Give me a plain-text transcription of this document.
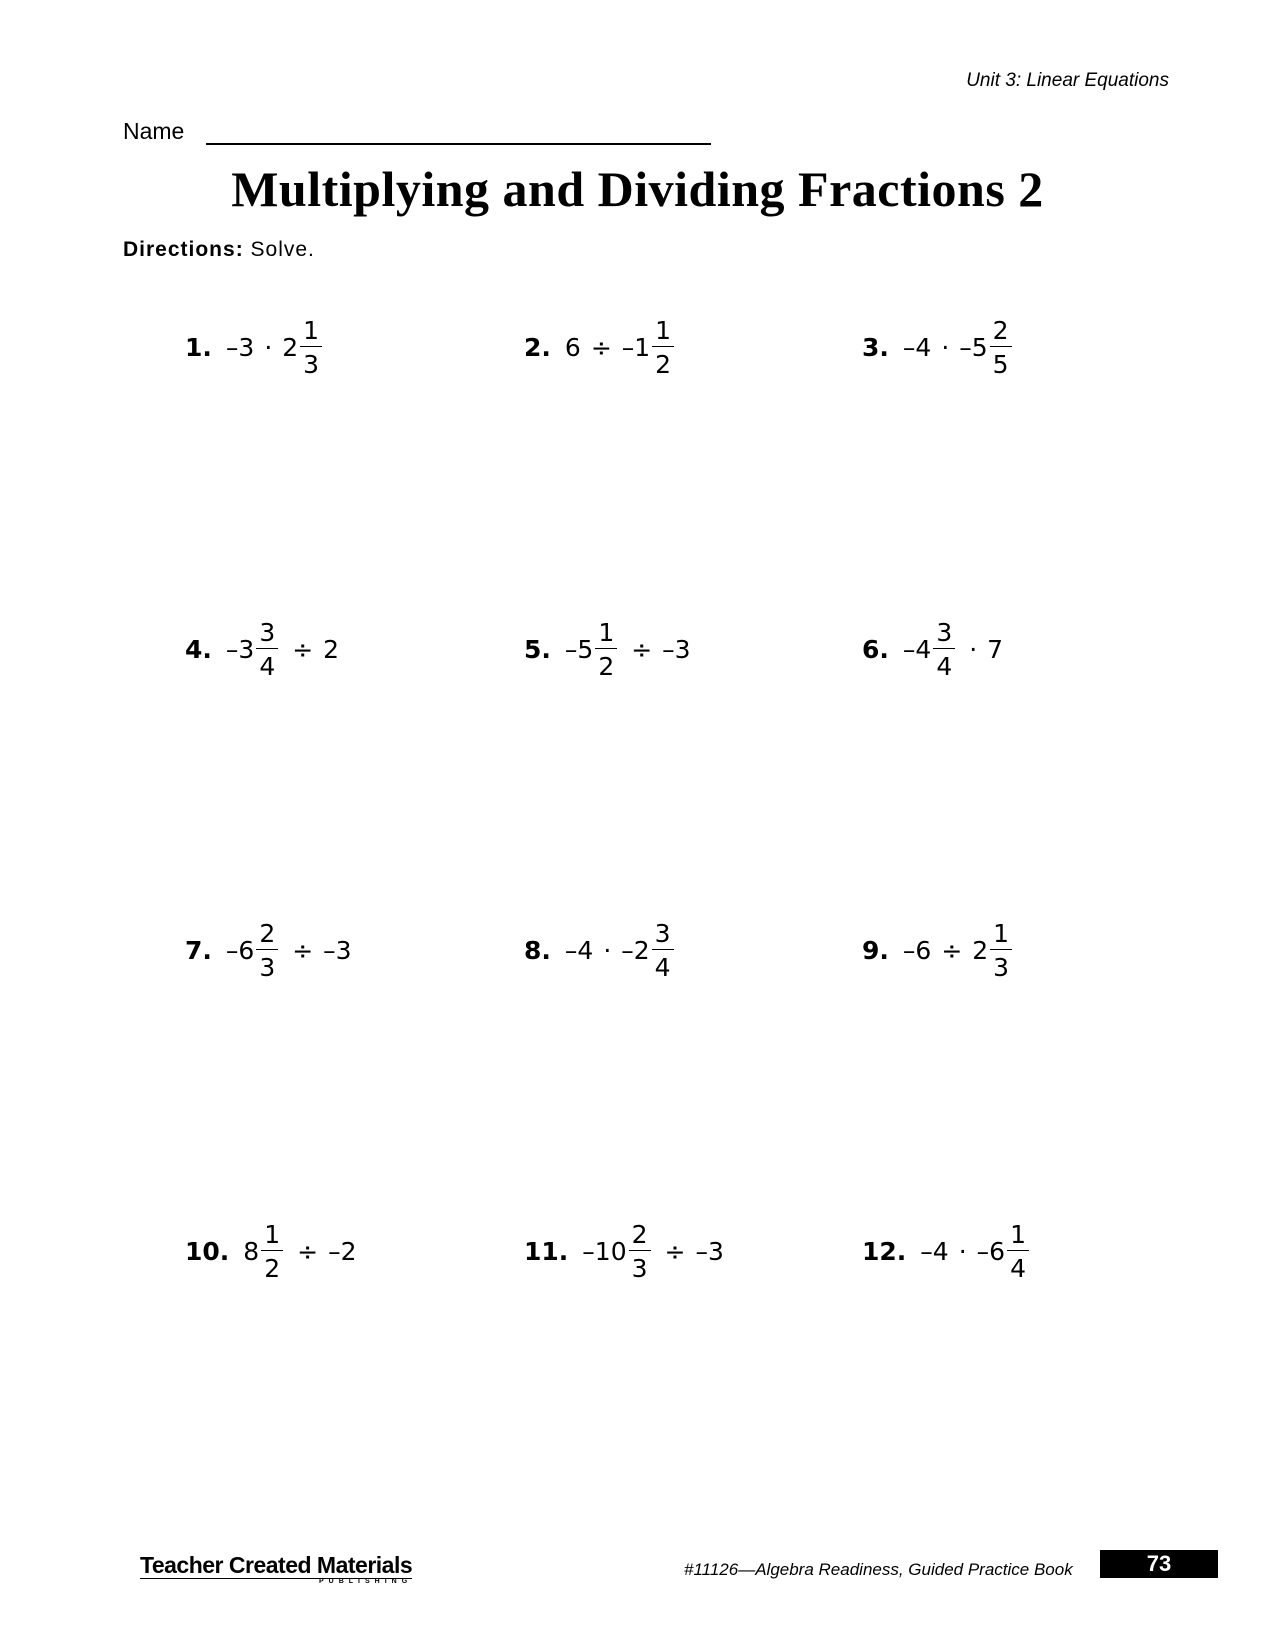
Unit 3: Linear Equations
Name
Multiplying and Dividing Fractions 2
Directions: Solve.
1. $-3 \cdot 2 \frac{1}{3}$	2. $6 \div -1 \frac{1}{2}$	3. $-4 \cdot -5 \frac{2}{5}$
4. $-3 \frac{3}{4} \div 2$	5. $-5 \frac{1}{2} \div -3$	6. $-4 \frac{3}{4} \cdot 7$
7. $-6 \frac{2}{3} \div -3$	8. $-4 \cdot -2 \frac{3}{4}$	9. $-6 \div 2 \frac{1}{3}$
10. $8 \frac{1}{2} \div -2$	11. $-10 \frac{2}{3} \div -3$	12. $-4 \cdot -6 \frac{1}{4}$
Teacher Created Materials
PUBLISHING
#11126—Algebra Readiness, Guided Practice Book	73
